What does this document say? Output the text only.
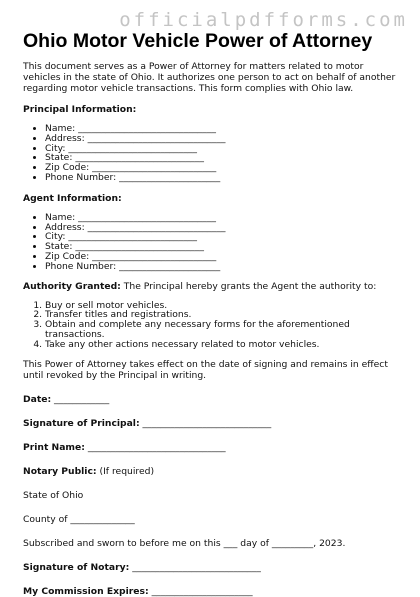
officialpdfforms.com
Ohio Motor Vehicle Power of Attorney

This document serves as a Power of Attorney for matters related to motor vehicles in the state of Ohio. It authorizes one person to act on behalf of another regarding motor vehicle transactions. This form complies with Ohio law.

Principal Information:

• Name: ______________________________
• Address: ______________________________
• City: ____________________________
• State: ____________________________
• Zip Code: ___________________________
• Phone Number: ______________________

Agent Information:

• Name: ______________________________
• Address: ______________________________
• City: ____________________________
• State: ____________________________
• Zip Code: ___________________________
• Phone Number: ______________________

Authority Granted: The Principal hereby grants the Agent the authority to:

1. Buy or sell motor vehicles.
2. Transfer titles and registrations.
3. Obtain and complete any necessary forms for the aforementioned transactions.
4. Take any other actions necessary related to motor vehicles.

This Power of Attorney takes effect on the date of signing and remains in effect until revoked by the Principal in writing.

Date: ____________

Signature of Principal: ____________________________

Print Name: ______________________________

Notary Public: (If required)

State of Ohio

County of ______________

Subscribed and sworn to before me on this ___ day of _________, 2023.

Signature of Notary: ____________________________

My Commission Expires: ______________________
